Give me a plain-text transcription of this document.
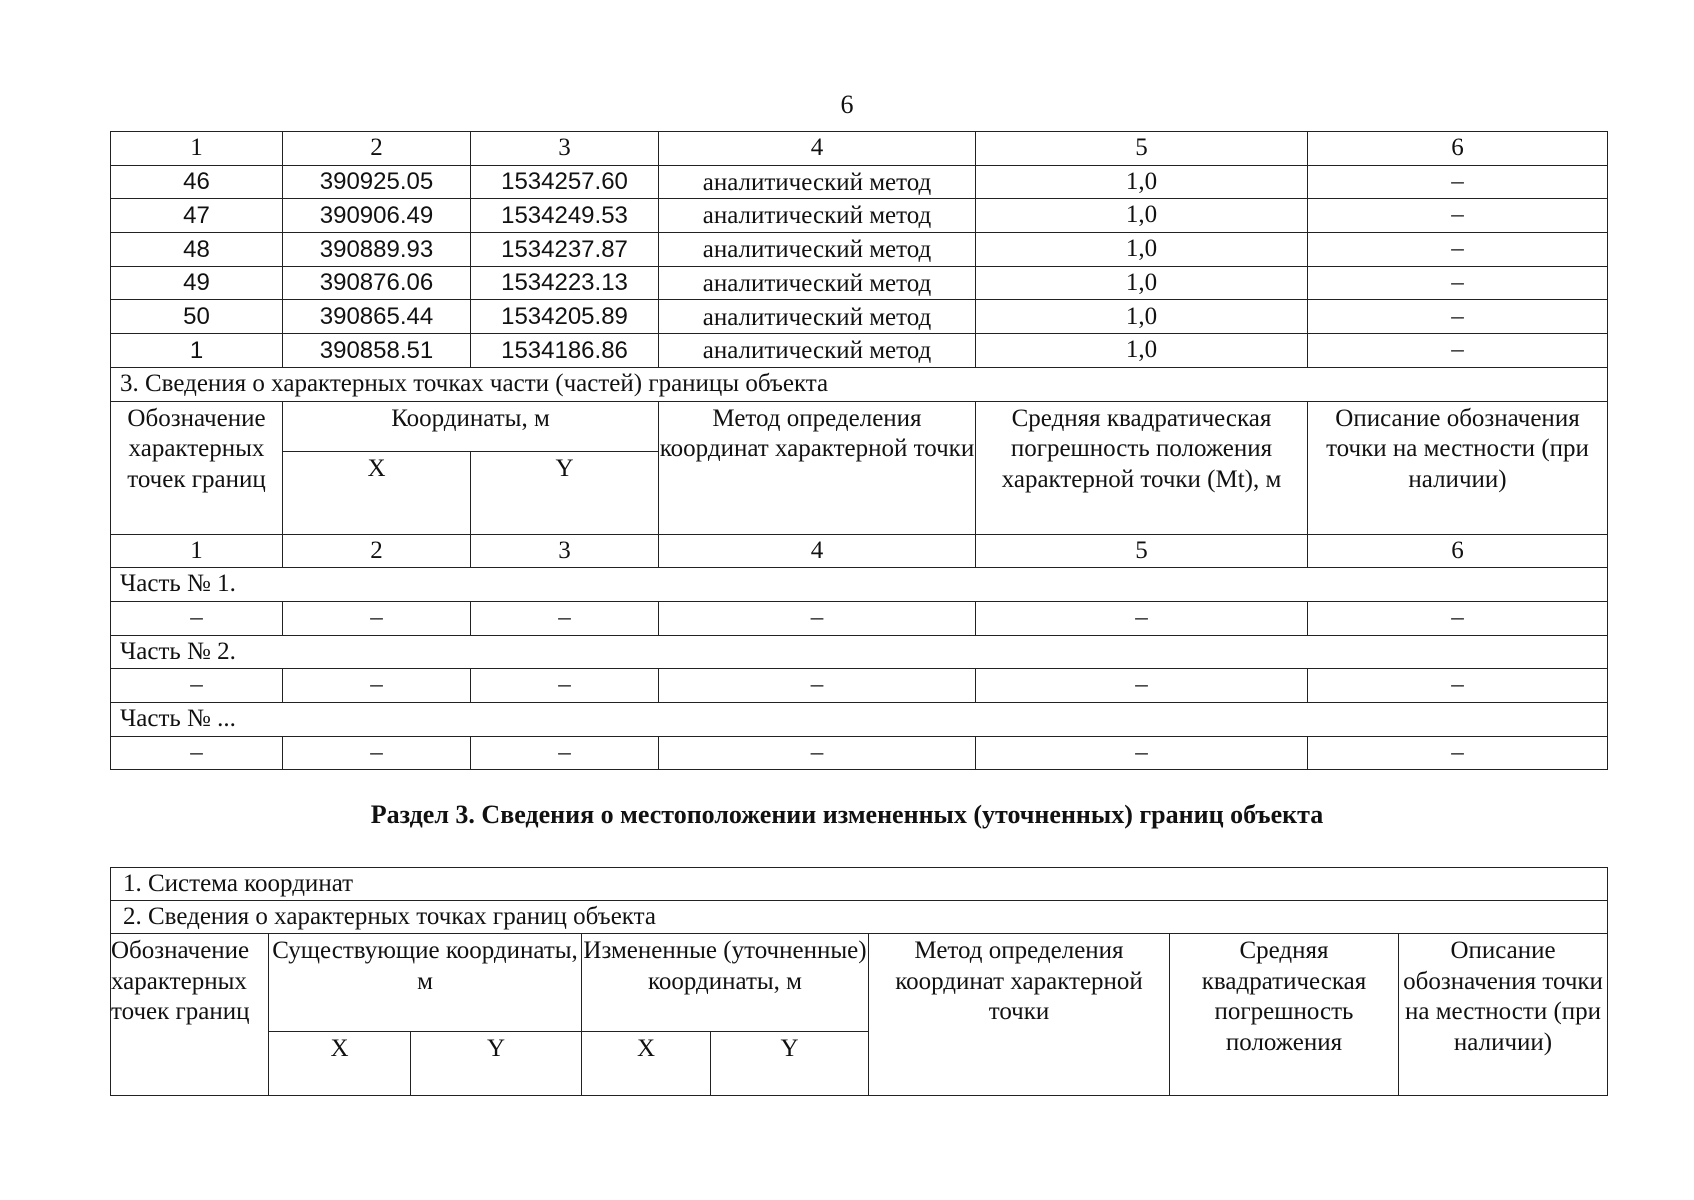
6
1	2	3	4	5	6
46	390925.05	1534257.60	аналитический метод	1,0	–
47	390906.49	1534249.53	аналитический метод	1,0	–
48	390889.93	1534237.87	аналитический метод	1,0	–
49	390876.06	1534223.13	аналитический метод	1,0	–
50	390865.44	1534205.89	аналитический метод	1,0	–
1	390858.51	1534186.86	аналитический метод	1,0	–
3. Сведения о характерных точках части (частей) границы объекта					
Обозначение характерных точек границ	Координаты, м		Метод определения координат характерной точки	Средняя квадратическая погрешность положения характерной точки (Mt), м	Описание обозначения точки на местности (при наличии)
	X	Y			
1	2	3	4	5	6
Часть № 1.					
–	–	–	–	–	–
Часть № 2.					
–	–	–	–	–	–
Часть № ...					
–	–	–	–	–	–
Раздел 3. Сведения о местоположении измененных (уточненных) границ объекта
1. Система координат							
2. Сведения о характерных точках границ объекта							
Обозначение характерных точек границ	Существующие координаты, м		Измененные (уточненные) координаты, м		Метод определения координат характерной точки	Средняя квадратическая погрешность положения	Описание обозначения точки на местности (при наличии)
	X	Y	X	Y			
